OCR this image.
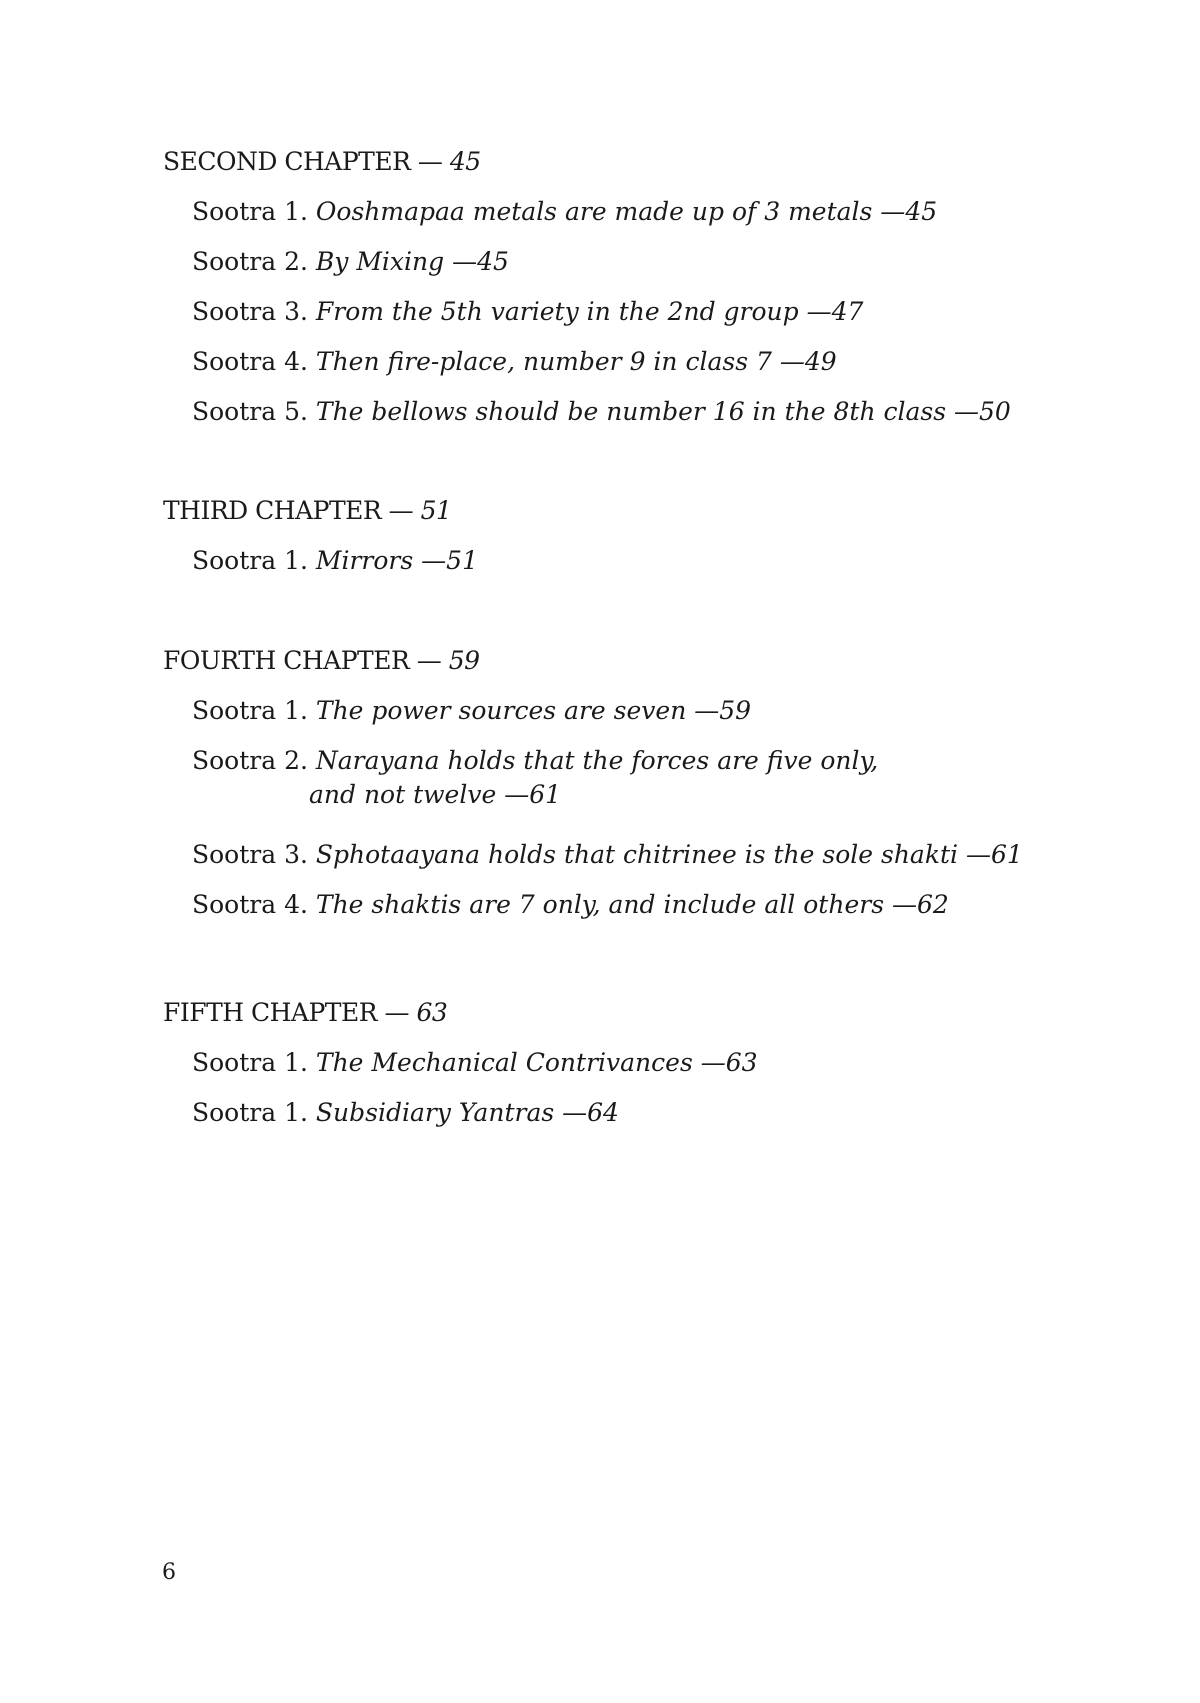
SECOND CHAPTER — 45
Sootra 1. Ooshmapaa metals are made up of 3 metals —45
Sootra 2. By Mixing —45
Sootra 3. From the 5th variety in the 2nd group —47
Sootra 4. Then fire-place, number 9 in class 7 —49
Sootra 5. The bellows should be number 16 in the 8th class —50
THIRD CHAPTER — 51
Sootra 1. Mirrors —51
FOURTH CHAPTER — 59
Sootra 1. The power sources are seven —59
Sootra 2. Narayana holds that the forces are five only,
and not twelve —61
Sootra 3. Sphotaayana holds that chitrinee is the sole shakti —61
Sootra 4. The shaktis are 7 only, and include all others —62
FIFTH CHAPTER — 63
Sootra 1. The Mechanical Contrivances —63
Sootra 1. Subsidiary Yantras —64
6
